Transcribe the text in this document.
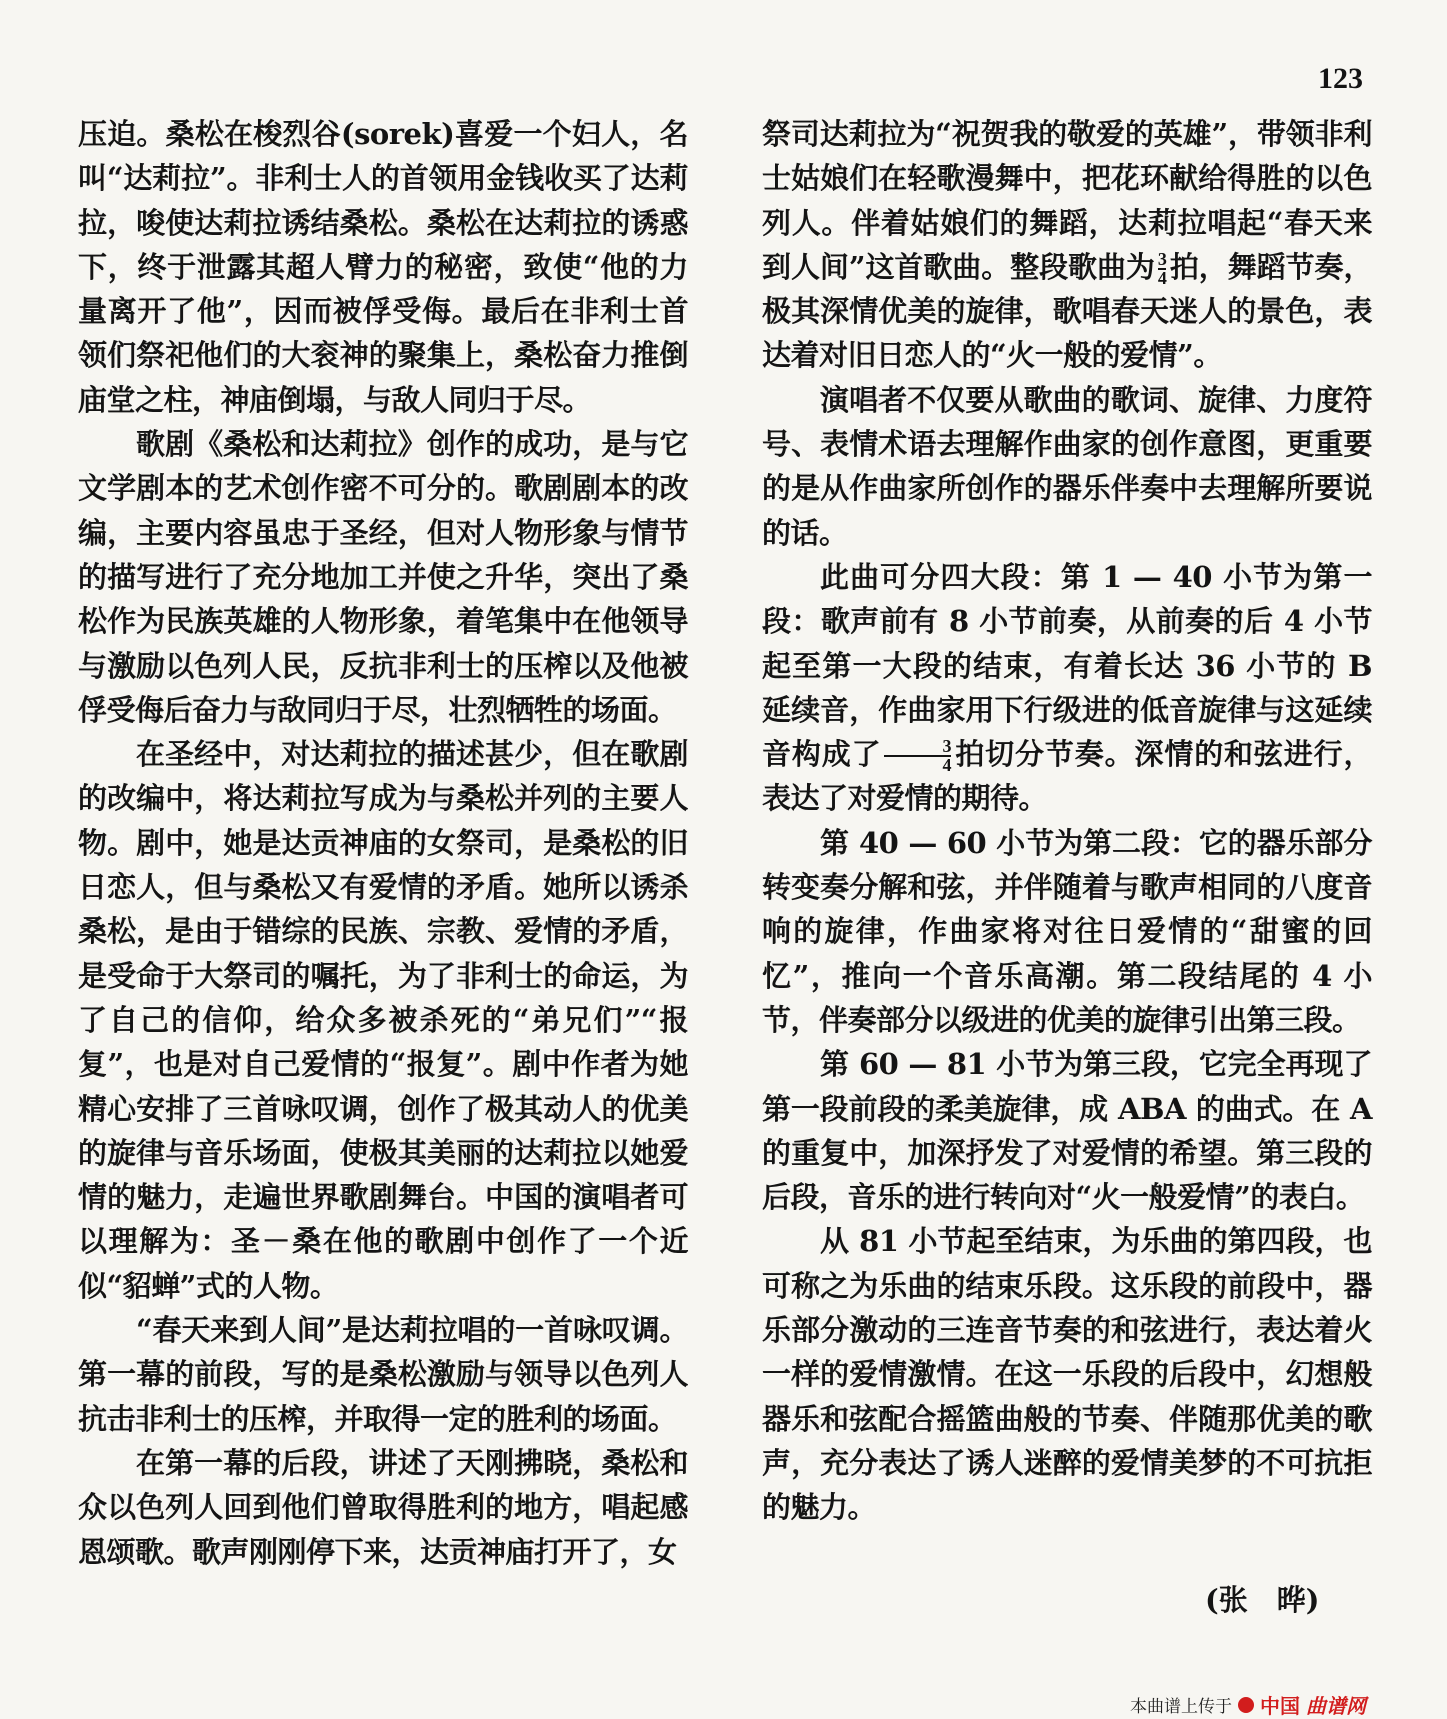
123

压迫。桑松在梭烈谷(sorek)喜爱一个妇人，名叫“达莉拉”。非利士人的首领用金钱收买了达莉拉，唆使达莉拉诱结桑松。桑松在达莉拉的诱惑下，终于泄露其超人臂力的秘密，致使“他的力量离开了他”，因而被俘受侮。最后在非利士首领们祭祀他们的大衮神的聚集上，桑松奋力推倒庙堂之柱，神庙倒塌，与敌人同归于尽。

歌剧《桑松和达莉拉》创作的成功，是与它文学剧本的艺术创作密不可分的。歌剧剧本的改编，主要内容虽忠于圣经，但对人物形象与情节的描写进行了充分地加工并使之升华，突出了桑松作为民族英雄的人物形象，着笔集中在他领导与激励以色列人民，反抗非利士的压榨以及他被俘受侮后奋力与敌同归于尽，壮烈牺牲的场面。

在圣经中，对达莉拉的描述甚少，但在歌剧的改编中，将达莉拉写成为与桑松并列的主要人物。剧中，她是达贡神庙的女祭司，是桑松的旧日恋人，但与桑松又有爱情的矛盾。她所以诱杀桑松，是由于错综的民族、宗教、爱情的矛盾，是受命于大祭司的嘱托，为了非利士的命运，为了自己的信仰，给众多被杀死的“弟兄们”“报复”，也是对自己爱情的“报复”。剧中作者为她精心安排了三首咏叹调，创作了极其动人的优美的旋律与音乐场面，使极其美丽的达莉拉以她爱情的魅力，走遍世界歌剧舞台。中国的演唱者可以理解为：圣－桑在他的歌剧中创作了一个近似“貂蝉”式的人物。

“春天来到人间”是达莉拉唱的一首咏叹调。第一幕的前段，写的是桑松激励与领导以色列人抗击非利士的压榨，并取得一定的胜利的场面。

在第一幕的后段，讲述了天刚拂晓，桑松和众以色列人回到他们曾取得胜利的地方，唱起感恩颂歌。歌声刚刚停下来，达贡神庙打开了，女

祭司达莉拉为“祝贺我的敬爱的英雄”，带领非利士姑娘们在轻歌漫舞中，把花环献给得胜的以色列人。伴着姑娘们的舞蹈，达莉拉唱起“春天来到人间”这首歌曲。整段歌曲为 $\frac{3}{4}$ 拍，舞蹈节奏，极其深情优美的旋律，歌唱春天迷人的景色，表达着对旧日恋人的“火一般的爱情”。

演唱者不仅要从歌曲的歌词、旋律、力度符号、表情术语去理解作曲家的创作意图，更重要的是从作曲家所创作的器乐伴奏中去理解所要说的话。

此曲可分四大段：第 1 — 40 小节为第一段：歌声前有 8 小节前奏，从前奏的后 4 小节起至第一大段的结束，有着长达 36 小节的 B 延续音，作曲家用下行级进的低音旋律与这延续音构成了 $\frac{3}{4}$ 拍切分节奏。深情的和弦进行，表达了对爱情的期待。

第 40 — 60 小节为第二段：它的器乐部分转变奏分解和弦，并伴随着与歌声相同的八度音响的旋律，作曲家将对往日爱情的“甜蜜的回忆”，推向一个音乐高潮。第二段结尾的 4 小节，伴奏部分以级进的优美的旋律引出第三段。

第 60 — 81 小节为第三段，它完全再现了第一段前段的柔美旋律，成 ABA 的曲式。在 A 的重复中，加深抒发了对爱情的希望。第三段的后段，音乐的进行转向对“火一般爱情”的表白。

从 81 小节起至结束，为乐曲的第四段，也可称之为乐曲的结束乐段。这乐段的前段中，器乐部分激动的三连音节奏的和弦进行，表达着火一样的爱情激情。在这一乐段的后段中，幻想般器乐和弦配合摇篮曲般的节奏、伴随那优美的歌声，充分表达了诱人迷醉的爱情美梦的不可抗拒的魅力。

(张　晔)
本曲谱上传于 中国 曲谱网
